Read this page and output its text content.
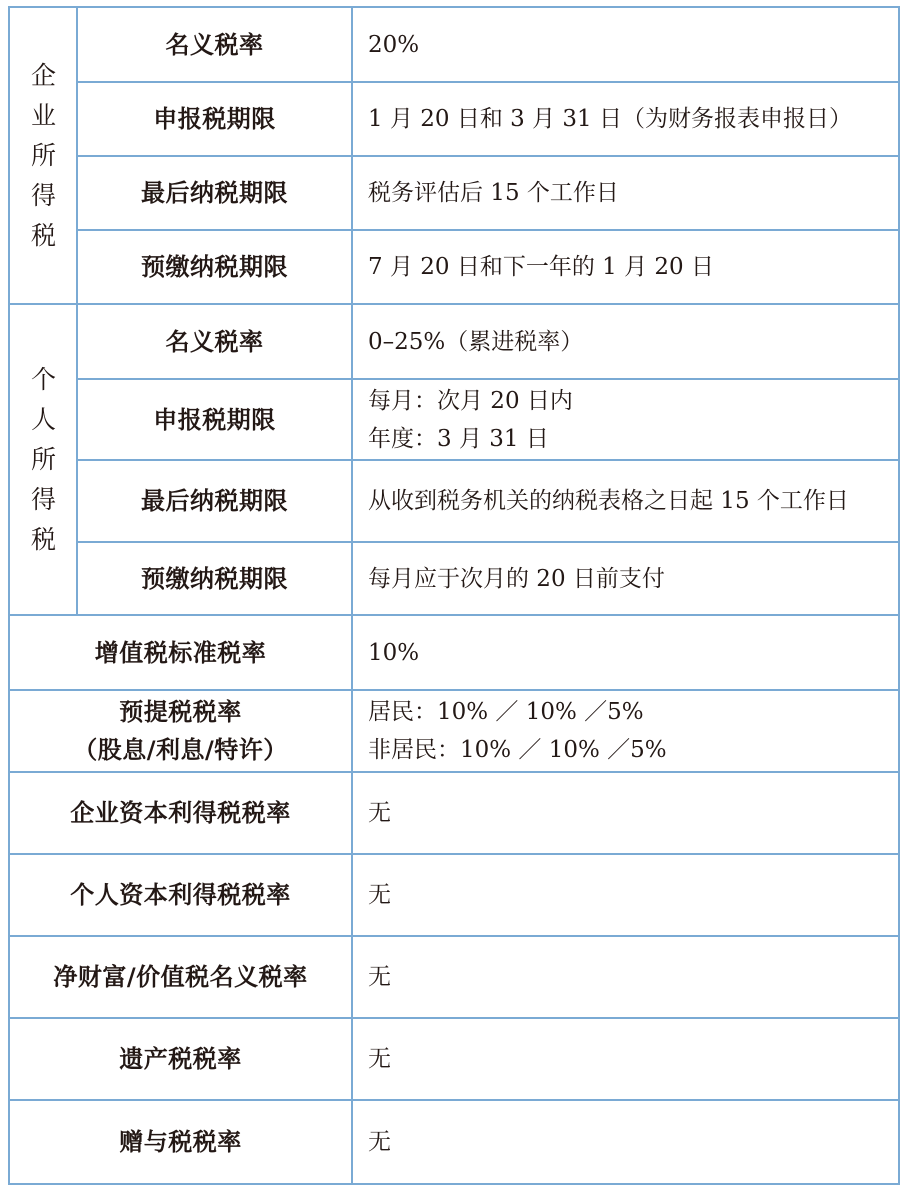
企业所得税	名义税率	20%
	申报税期限	1 月 20 日和 3 月 31 日（为财务报表申报日）
	最后纳税期限	税务评估后 15 个工作日
	预缴纳税期限	7 月 20 日和下一年的 1 月 20 日
个人所得税	名义税率	0–25%（累进税率）
	申报税期限	每月：次月 20 日内
年度：3 月 31 日

	最后纳税期限	从收到税务机关的纳税表格之日起 15 个工作日
	预缴纳税期限	每月应于次月的 20 日前支付
增值税标准税率		10%

预提税税率
（股息/利息/特许）		居民：10% ／ 10% ／5%
非居民：10% ／ 10% ／5%

企业资本利得税税率		无
个人资本利得税税率		无
净财富/价值税名义税率		无
遗产税税率		无
赠与税税率		无
